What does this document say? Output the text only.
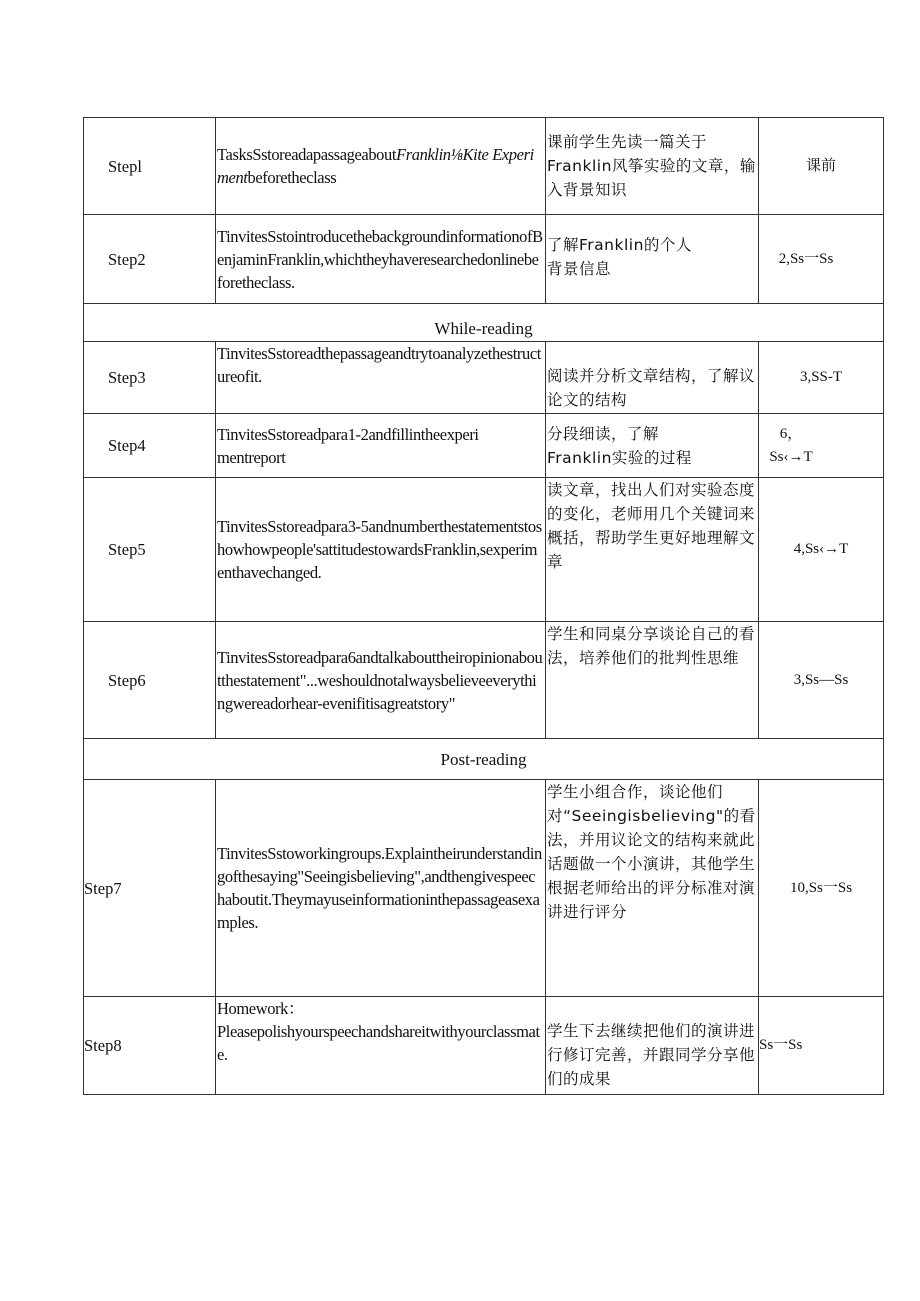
Stepl	TasksSstoreadapassageaboutFranklin⅛Kite Experimentbeforetheclass	课前学生先读一篇关于Franklin风筝实验的文章，输入背景知识	课前
Step2	TinvitesSstointroducethebackgroundinformationofBenjaminFranklin,whichtheyhaveresearchedonlinebeforetheclass.	了解Franklin的个人背景信息	2,Ss一Ss
While-reading			
Step3	TinvitesSstoreadthepassageandtrytoanalyzethestructureofit.	阅读并分析文章结构，了解议论文的结构	3,SS-T
Step4	TinvitesSstoreadpara1-2andfillintheexperimentreport	分段细读，了解Franklin实验的过程	6，Ss‹→T
Step5	TinvitesSstoreadpara3-5andnumberthestatementstoshowhowpeople'sattitudestowardsFranklin,sexperimenthavechanged.	读文章，找出人们对实验态度的变化，老师用几个关键词来概括，帮助学生更好地理解文章	4,Ss‹→T
Step6	TinvitesSstoreadpara6andtalkabouttheiropinionaboutthestatement"...weshouldnotalwaysbelieveeverythingwereadorhear-evenifitisagreatstory"	学生和同桌分享谈论自己的看法，培养他们的批判性思维	3,Ss—Ss
Post-reading			
Step7	TinvitesSstoworkingroups.Explaintheirunderstandingofthesaying"Seeingisbelieving",andthengivespeechaboutit.Theymayuseinformationinthepassageasexamples.	学生小组合作，谈论他们对“Seeingisbelieving"的看法，并用议论文的结构来就此话题做一个小演讲，其他学生根据老师给出的评分标准对演讲进行评分	10,Ss一Ss
Step8	Homework：
Pleasepolishyourspeechandshareitwithyourclassmate.	学生下去继续把他们的演讲进行修订完善，并跟同学分享他们的成果	Ss一Ss
